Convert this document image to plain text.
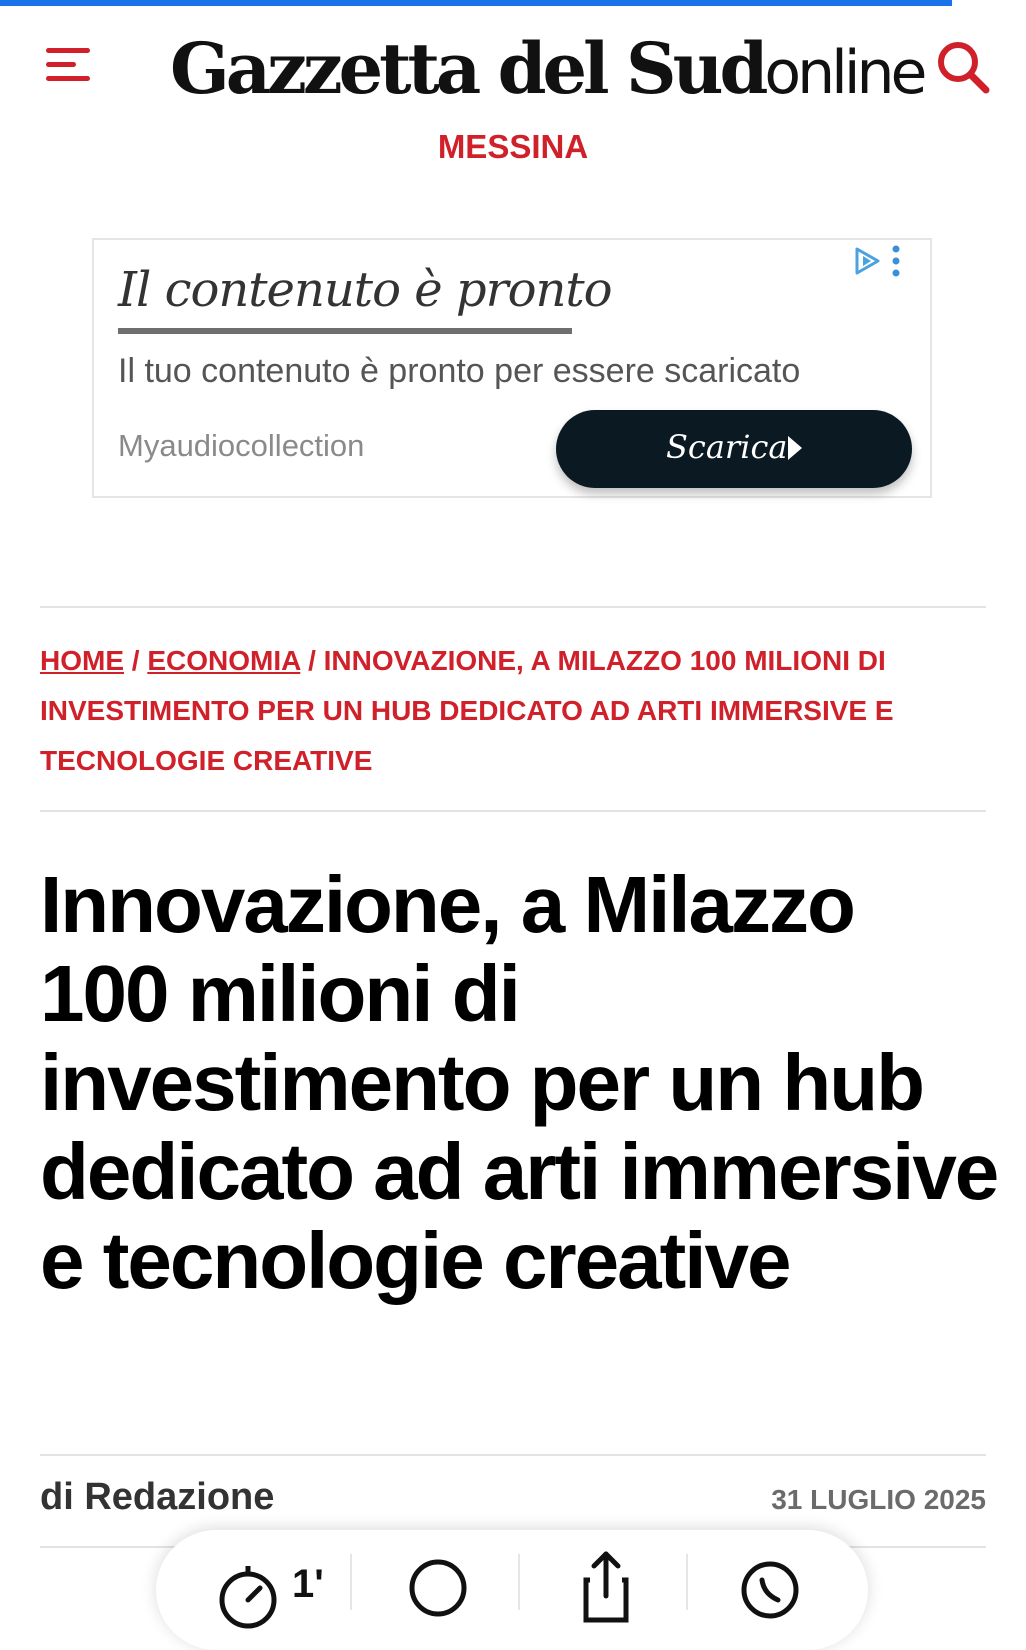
Gazzetta del Sudonline
MESSINA
Il contenuto è pronto
Il tuo contenuto è pronto per essere scaricato
Myaudiocollection	Scarica
HOME / ECONOMIA / INNOVAZIONE, A MILAZZO 100 MILIONI DI INVESTIMENTO PER UN HUB DEDICATO AD ARTI IMMERSIVE E TECNOLOGIE CREATIVE
Innovazione, a Milazzo 100 milioni di investimento per un hub dedicato ad arti immersive e tecnologie creative
di Redazione	31 LUGLIO 2025
1'
